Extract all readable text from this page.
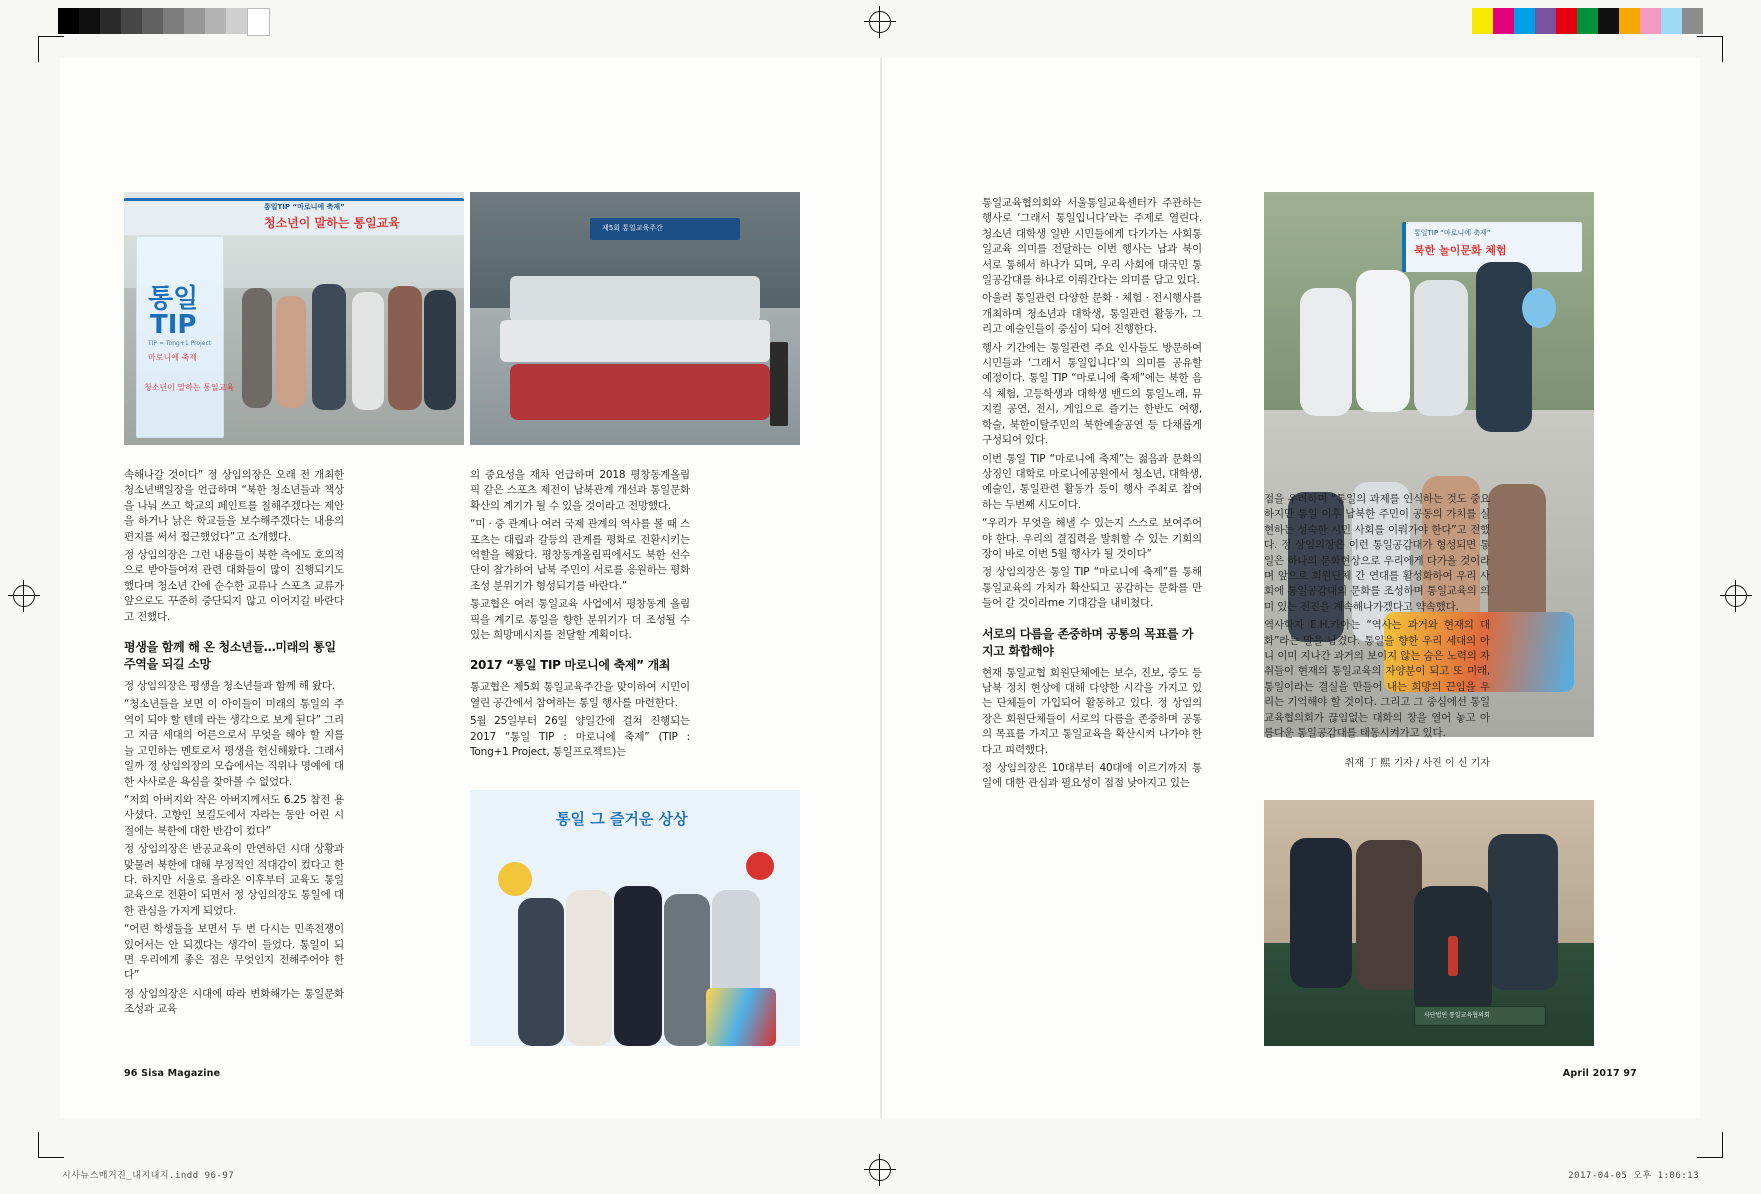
시사뉴스매거진_내지내지.indd 96-97	2017-04-05 오후 1:06:13
통일TIP “마로니에 축제”
청소년이 말하는 통일교육
통일
TIP
TIP = Tong+1 Project
마로니에 축제
청소년이 말하는 통일교육
제5회 통일교육주간
통일 그 즐거운 상상
통일TIP “마로니에 축제”
북한 놀이문화 체험
사단법인 통일교육협의회

속해나갈 것이다” 정 상임의장은 오래 전 개최한 청소년백일장을 언급하며 “북한 청소년들과 책상을 나눠 쓰고 학교의 페인트를 칠해주겠다는 제안을 하거나 낡은 학교들을 보수해주겠다는 내용의 편지를 써서 접근했었다”고 소개했다.

정 상임의장은 그런 내용들이 북한 측에도 호의적으로 받아들여져 관련 대화들이 많이 진행되기도 했다며 청소년 간에 순수한 교류나 스포츠 교류가 앞으로도 꾸준히 중단되지 않고 이어지길 바란다고 전했다.

평생을 함께 해 온 청소년들…미래의 통일 주역을 되길 소망

정 상임의장은 평생을 청소년들과 함께 해 왔다.

“청소년들을 보면 이 아이들이 미래의 통일의 주역이 되야 할 텐데 라는 생각으로 보게 된다” 그리고 지금 세대의 어른으로서 무엇을 해야 할 지를 늘 고민하는 멘토로서 평생을 헌신해왔다. 그래서일까 정 상임의장의 모습에서는 직위나 명예에 대한 사사로운 욕심을 찾아볼 수 없었다.

“저희 아버지와 작은 아버지께서도 6.25 참전 용사셨다. 고향인 보길도에서 자라는 동안 어린 시절에는 북한에 대한 반감이 컸다”

정 상임의장은 반공교육이 만연하던 시대 상황과 맞물려 북한에 대해 부정적인 적대감이 컸다고 한다. 하지만 서울로 올라온 이후부터 교육도 통일교육으로 전환이 되면서 정 상임의장도 통일에 대한 관심을 가지게 되었다.

“어린 학생들을 보면서 두 번 다시는 민족전쟁이 있어서는 안 되겠다는 생각이 들었다. 통일이 되면 우리에게 좋은 점은 무엇인지 전해주어야 한다”

정 상임의장은 시대에 따라 변화해가는 통일문화 조성과 교육

의 중요성을 재차 언급하며 2018 평창동계올림픽 같은 스포츠 제전이 남북관계 개선과 통일문화 확산의 계기가 될 수 있을 것이라고 전망했다.

“미 · 중 관계나 여러 국제 관계의 역사를 볼 때 스포츠는 대립과 갈등의 관계를 평화로 전환시키는 역할을 해왔다. 평창동계올림픽에서도 북한 선수단이 참가하여 남북 주민이 서로를 응원하는 평화조성 분위기가 형성되기를 바란다.”

통교협은 여러 통일교육 사업에서 평창동계 올림픽을 계기로 통일을 향한 분위기가 더 조성될 수 있는 희망메시지를 전달할 계획이다.

2017 “통일 TIP 마로니에 축제” 개최

통교협은 제5회 통일교육주간을 맞이하여 시민이 열린 공간에서 참여하는 통일 행사를 마련한다.

5월 25일부터 26일 양일간에 걸쳐 진행되는 2017 “통일 TIP : 마로니에 축제” (TIP : Tong+1 Project, 통일프로젝트)는

96 Sisa Magazine

통일교육협의회와 서울통일교육센터가 주관하는 행사로 ‘그래서 통일입니다’라는 주제로 열린다. 청소년 대학생 일반 시민들에게 다가가는 사회통일교육 의미를 전달하는 이번 행사는 남과 북이 서로 통해서 하나가 되며, 우리 사회에 대국민 통일공감대를 하나로 이뤄간다는 의미를 담고 있다.

아울러 통일관련 다양한 문화 · 체험 · 전시행사를 개최하며 청소년과 대학생, 통일관련 활동가, 그리고 예술인들이 중심이 되어 진행한다.

행사 기간에는 통일관련 주요 인사들도 방문하여 시민들과 ‘그래서 통일입니다’의 의미를 공유할 예정이다. 통일 TIP “마로니에 축제”에는 북한 음식 체험, 고등학생과 대학생 밴드의 통일노래, 뮤지컬 공연, 전시, 게임으로 즐기는 한반도 여행, 학술, 북한이탈주민의 북한예술공연 등 다채롭게 구성되어 있다.

이번 통일 TIP “마로니에 축제”는 젊음과 문화의 상징인 대학로 마로니에공원에서 청소년, 대학생, 예술인, 통일관련 활동가 등이 행사 주최로 참여하는 두번째 시도이다.

“우리가 무엇을 해낼 수 있는지 스스로 보여주어야 한다. 우리의 결집력을 발휘할 수 있는 기회의 장이 바로 이번 5월 행사가 될 것이다”

정 상임의장은 통일 TIP “마로니에 축제”를 통해 통일교육의 가치가 확산되고 공감하는 문화를 만들어 갈 것이라me 기대감을 내비쳤다.

서로의 다름을 존중하며 공통의 목표를 가지고 화합해야

현재 통일교협 회원단체에는 보수, 진보, 중도 등 남북 정치 현상에 대해 다양한 시각을 가지고 있는 단체들이 가입되어 활동하고 있다. 정 상임의장은 회원단체들이 서로의 다름을 존중하며 공통의 목표를 가지고 통일교육을 확산시켜 나가야 한다고 피력했다.

정 상임의장은 10대부터 40대에 이르기까지 통일에 대한 관심과 필요성이 점점 낮아지고 있는

점을 우려하며 “통일의 과제를 인식하는 것도 중요하지만 통일 이후 남북한 주민이 공동의 가치를 실현하는 성숙한 시민 사회를 이뤄가야 한다”고 전했다. 정 상임의장은 이런 통일공감대가 형성되면 통일은 하나의 문화현상으로 우리에게 다가올 것이라며 앞으로 회원단체 간 연대를 활성화하여 우리 사회에 통일공감대의 문화를 조성하며 통일교육의 의미 있는 전진을 계속해나가겠다고 약속했다.

역사학자 E.H.카아는 “역사는 과거와 현재의 대화”라는 말을 남겼다. 통일을 향한 우리 세대의 아니 이미 지나간 과거의 보이지 않는 숨은 노력의 자취들이 현재의 통일교육의 자양분이 되고 또 미래, 통일이라는 결실을 만들어 내는 희망의 끈임을 우리는 기억해야 할 것이다. 그리고 그 중심에선 통일교육협의회가 끊임없는 대화의 창을 열어 놓고 아름다운 통일공감대를 태동시켜가고 있다.

취재 丁 熙 기자 / 사진 이 신 기자
April 2017 97
